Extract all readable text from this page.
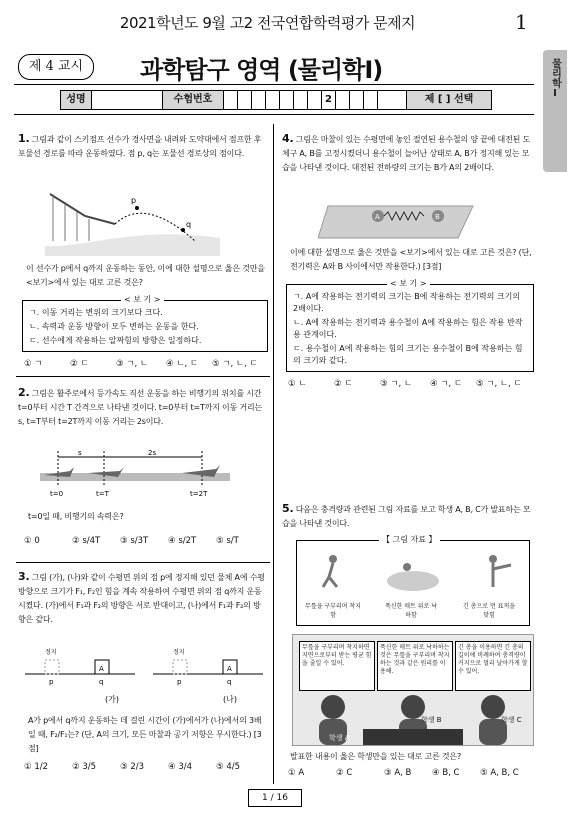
2021학년도 9월 고2 전국연합학력평가 문제지	1
물리학Ⅰ
제 4 교시	과학탐구 영역 (물리학Ⅰ)
성명	수험번호	2	제 [ ] 선택
1. 그림과 같이 스키점프 선수가 경사면을 내려와 도약대에서 점프한 후 포물선 경로를 따라 운동하였다. 점 p, q는 포물선 경로상의 점이다.
p
q
이 선수가 p에서 q까지 운동하는 동안, 이에 대한 설명으로 옳은 것만을 <보기>에서 있는 대로 고른 것은?
< 보 기 >
ㄱ. 이동 거리는 변위의 크기보다 크다.
ㄴ. 속력과 운동 방향이 모두 변하는 운동을 한다.
ㄷ. 선수에게 작용하는 알짜힘의 방향은 일정하다.
① ㄱ	② ㄷ	③ ㄱ, ㄴ ④ ㄴ, ㄷ ⑤ ㄱ, ㄴ, ㄷ
2. 그림은 활주로에서 등가속도 직선 운동을 하는 비행기의 위치를 시간 t=0부터 시간 T 간격으로 나타낸 것이다. t=0부터 t=T까지 이동 거리는 s, t=T부터 t=2T까지 이동 거리는 2s이다.
t=0	t=T	t=2T
s	2s
t=0일 때, 비행기의 속력은?
① 0	② s/4T ③ s/3T ④ s/2T ⑤ s/T
3. 그림 (가), (나)와 같이 수평면 위의 점 p에 정지해 있던 물체 A에 수평 방향으로 크기가 F₁, F₂인 힘을 계속 작용하여 수평면 위의 점 q까지 운동시켰다. (가)에서 F₁과 F₂의 방향은 서로 반대이고, (나)에서 F₁과 F₂의 방향은 같다.
A	A
p	q	p	q
정지	정지
(가)	(나)
A가 p에서 q까지 운동하는 데 걸린 시간이 (가)에서가 (나)에서의 3배일 때, F₂/F₁는? (단, A의 크기, 모든 마찰과 공기 저항은 무시한다.) [3점]
① 1/2	② 3/5	③ 2/3	④ 3/4	⑤ 4/5
4. 그림은 마찰이 있는 수평면에 놓인 절연된 용수철의 양 끝에 대전된 도체구 A, B를 고정시켰더니 용수철이 늘어난 상태로 A, B가 정지해 있는 모습을 나타낸 것이다. 대전된 전하량의 크기는 B가 A의 2배이다.
A	B
이에 대한 설명으로 옳은 것만을 <보기>에서 있는 대로 고른 것은? (단, 전기력은 A와 B 사이에서만 작용한다.) [3점]
< 보 기 >
ㄱ. A에 작용하는 전기력의 크기는 B에 작용하는 전기력의 크기의 2배이다.
ㄴ. A에 작용하는 전기력과 용수철이 A에 작용하는 힘은 작용 반작용 관계이다.
ㄷ. 용수철이 A에 작용하는 힘의 크기는 용수철이 B에 작용하는 힘의 크기와 같다.
① ㄴ	② ㄷ	③ ㄱ, ㄴ ④ ㄱ, ㄷ ⑤ ㄱ, ㄴ, ㄷ
5. 다음은 충격량과 관련된 그림 자료를 보고 학생 A, B, C가 발표하는 모습을 나타낸 것이다.
【 그림 자료 】
무릎을 구부리며 착지함
푹신한 매트 위로 낙하함
긴 총으로 먼 표적을 맞힘
무릎을 구부리며 착지하면 지면으로부터 받는 평균 힘을 줄일 수 있어.
푹신한 매트 위로 낙하하는 것은 무릎을 구부리며 착지하는 것과 같은 원리를 이용해.
긴 총을 이용하면 긴 총의 길이에 비례하여 충격량이 커지므로 멀리 날아가게 할 수 있어.
학생 A
학생 B	학생 C
발표한 내용이 옳은 학생만을 있는 대로 고른 것은?
① A	② C	③ A, B ④ B, C ⑤ A, B, C
1 / 16
